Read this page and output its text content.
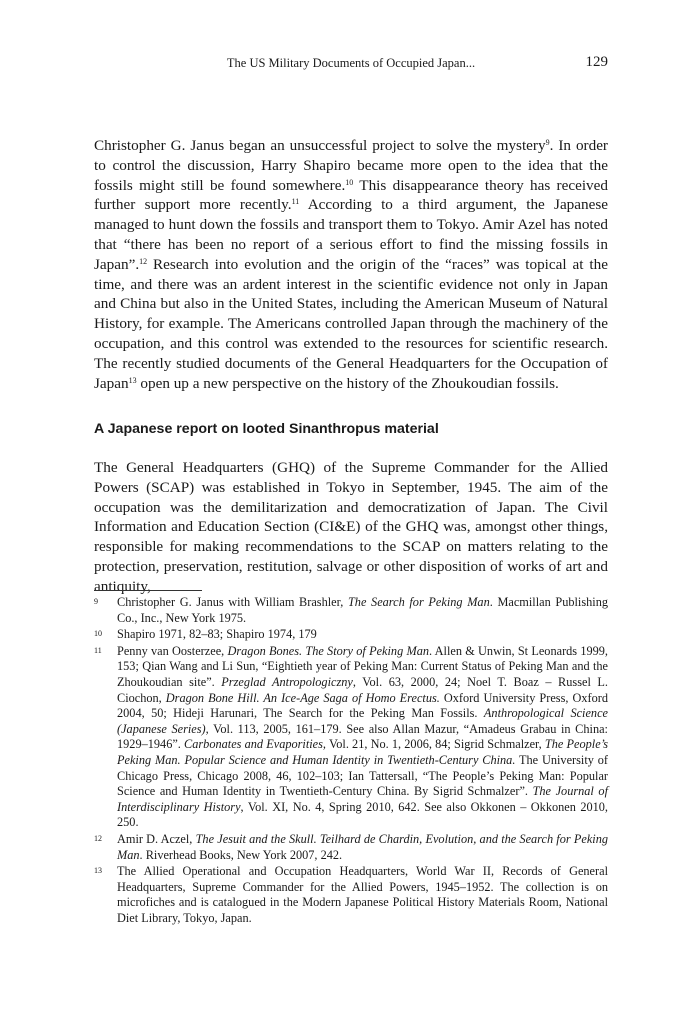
The US Military Documents of Occupied Japan...	129

Christopher G. Janus began an unsuccessful project to solve the mystery$^9$. In order to control the discussion, Harry Shapiro became more open to the idea that the fossils might still be found somewhere.$^{10}$ This disappearance theory has received further support more recently.$^{11}$ According to a third argument, the Japanese managed to hunt down the fossils and transport them to Tokyo. Amir Azel has noted that “there has been no report of a serious effort to find the missing fossils in Japan”.$^{12}$ Research into evolution and the origin of the “races” was topical at the time, and there was an ardent interest in the scientific evidence not only in Japan and China but also in the United States, including the American Museum of Natural History, for example. The Americans controlled Japan through the machinery of the occupation, and this control was extended to the resources for scientific research. The recently studied documents of the General Headquarters for the Occupation of Japan$^{13}$ open up a new perspective on the history of the Zhoukoudian fossils.

A Japanese report on looted Sinanthropus material

The General Headquarters (GHQ) of the Supreme Commander for the Allied Powers (SCAP) was established in Tokyo in September, 1945. The aim of the occupation was the demilitarization and democratization of Japan. The Civil Information and Education Section (CI&E) of the GHQ was, amongst other things, responsible for making recommendations to the SCAP on matters relating to the protection, preservation, restitution, salvage or other disposition of works of art and antiquity,

9	Christopher G. Janus with William Brashler, The Search for Peking Man. Macmillan Publishing Co., Inc., New York 1975.
10	Shapiro 1971, 82–83; Shapiro 1974, 179
11	Penny van Oosterzee, Dragon Bones. The Story of Peking Man. Allen & Unwin, St Leonards 1999, 153; Qian Wang and Li Sun, “Eightieth year of Peking Man: Current Status of Peking Man and the Zhoukoudian site”. Przeglad Antropologiczny, Vol. 63, 2000, 24; Noel T. Boaz – Russel L. Ciochon, Dragon Bone Hill. An Ice-Age Saga of Homo Erectus. Oxford University Press, Oxford 2004, 50; Hideji Harunari, The Search for the Peking Man Fossils. Anthropological Science (Japanese Series), Vol. 113, 2005, 161–179. See also Allan Mazur, “Amadeus Grabau in China: 1929–1946”. Carbonates and Evaporities, Vol. 21, No. 1, 2006, 84; Sigrid Schmalzer, The People’s Peking Man. Popular Science and Human Identity in Twentieth-Century China. The University of Chicago Press, Chicago 2008, 46, 102–103; Ian Tattersall, “The People’s Peking Man: Popular Science and Human Identity in Twentieth-Century China. By Sigrid Schmalzer”. The Journal of Interdisciplinary History, Vol. XI, No. 4, Spring 2010, 642. See also Okkonen – Okkonen 2010, 250.
12	Amir D. Aczel, The Jesuit and the Skull. Teilhard de Chardin, Evolution, and the Search for Peking Man. Riverhead Books, New York 2007, 242.
13	The Allied Operational and Occupation Headquarters, World War II, Records of General Headquarters, Supreme Commander for the Allied Powers, 1945–1952. The collection is on microfiches and is catalogued in the Modern Japanese Political History Materials Room, National Diet Library, Tokyo, Japan.
